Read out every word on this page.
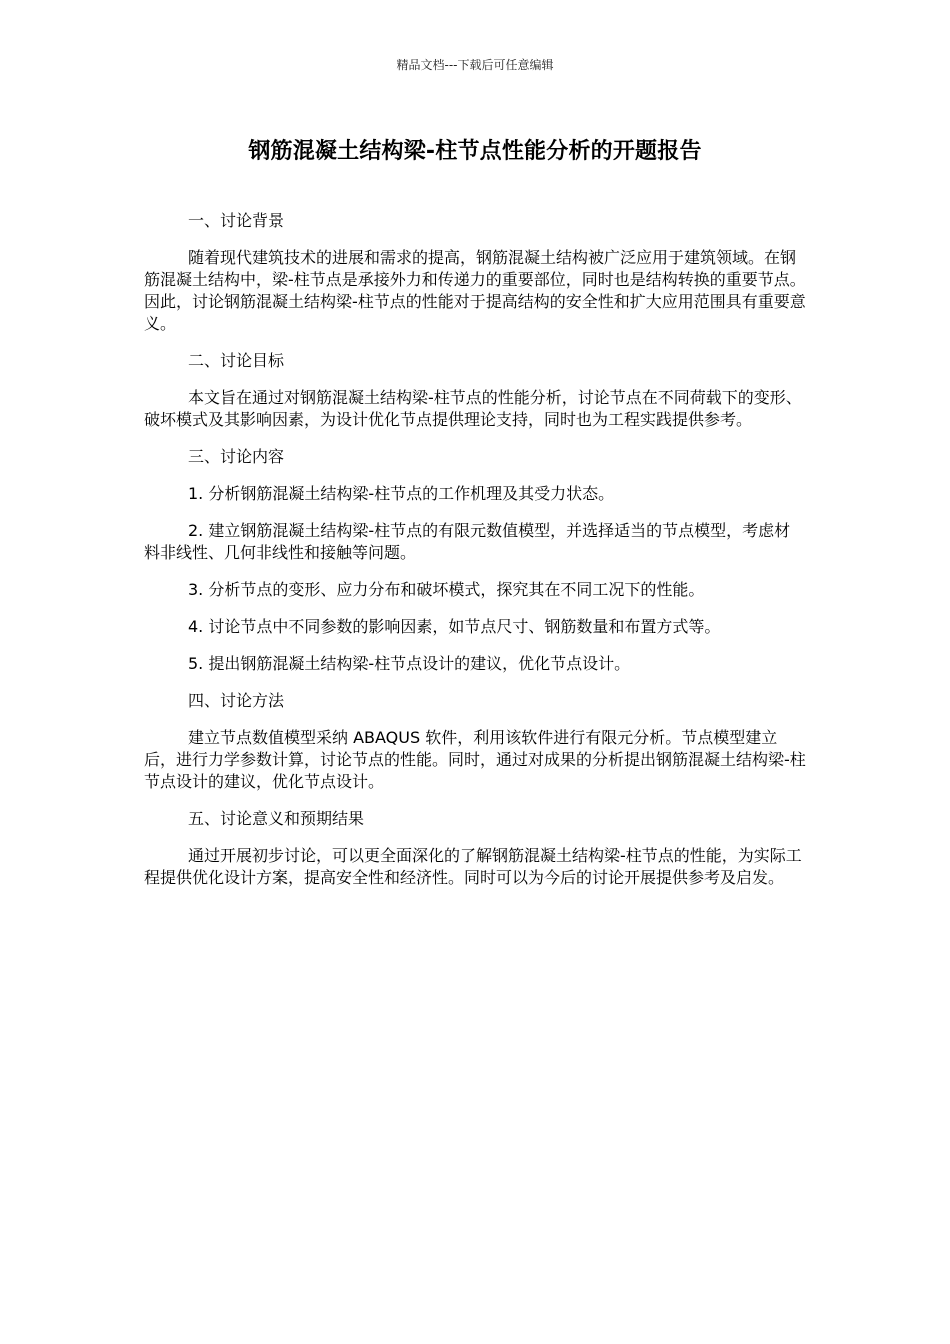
精品文档---下载后可任意编辑
钢筋混凝土结构梁-柱节点性能分析的开题报告

一、讨论背景

随着现代建筑技术的进展和需求的提高，钢筋混凝土结构被广泛应用于建筑领域。在钢筋混凝土结构中，梁-柱节点是承接外力和传递力的重要部位，同时也是结构转换的重要节点。因此，讨论钢筋混凝土结构梁-柱节点的性能对于提高结构的安全性和扩大应用范围具有重要意义。

二、讨论目标

本文旨在通过对钢筋混凝土结构梁-柱节点的性能分析，讨论节点在不同荷载下的变形、破坏模式及其影响因素，为设计优化节点提供理论支持，同时也为工程实践提供参考。

三、讨论内容

1. 分析钢筋混凝土结构梁-柱节点的工作机理及其受力状态。

2. 建立钢筋混凝土结构梁-柱节点的有限元数值模型，并选择适当的节点模型，考虑材料非线性、几何非线性和接触等问题。

3. 分析节点的变形、应力分布和破坏模式，探究其在不同工况下的性能。

4. 讨论节点中不同参数的影响因素，如节点尺寸、钢筋数量和布置方式等。

5. 提出钢筋混凝土结构梁-柱节点设计的建议，优化节点设计。

四、讨论方法

建立节点数值模型采纳 ABAQUS 软件，利用该软件进行有限元分析。节点模型建立后，进行力学参数计算，讨论节点的性能。同时，通过对成果的分析提出钢筋混凝土结构梁-柱节点设计的建议，优化节点设计。

五、讨论意义和预期结果

通过开展初步讨论，可以更全面深化的了解钢筋混凝土结构梁-柱节点的性能，为实际工程提供优化设计方案，提高安全性和经济性。同时可以为今后的讨论开展提供参考及启发。
